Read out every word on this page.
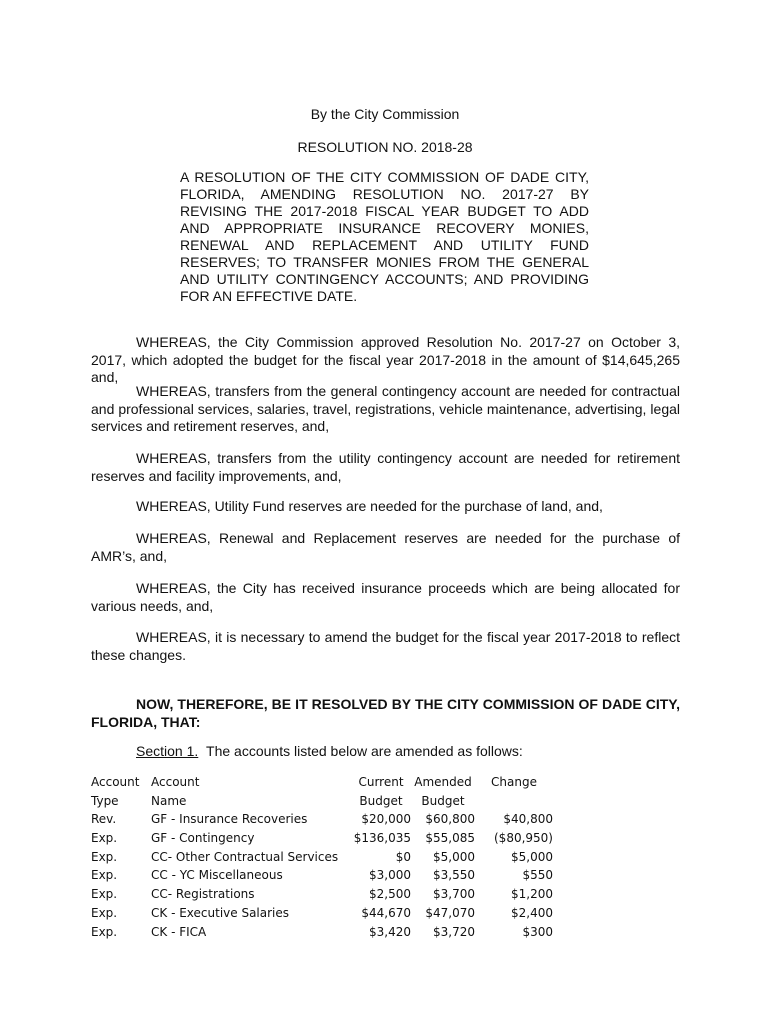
By the City Commission
RESOLUTION NO. 2018-28
A RESOLUTION OF THE CITY COMMISSION OF DADE CITY, FLORIDA, AMENDING RESOLUTION NO. 2017-27 BY REVISING THE 2017-2018 FISCAL YEAR BUDGET TO ADD AND APPROPRIATE INSURANCE RECOVERY MONIES, RENEWAL AND REPLACEMENT AND UTILITY FUND RESERVES; TO TRANSFER MONIES FROM THE GENERAL AND UTILITY CONTINGENCY ACCOUNTS; AND PROVIDING FOR AN EFFECTIVE DATE.
WHEREAS, the City Commission approved Resolution No. 2017-27 on October 3, 2017, which adopted the budget for the fiscal year 2017-2018 in the amount of $14,645,265 and,
WHEREAS, transfers from the general contingency account are needed for contractual and professional services, salaries, travel, registrations, vehicle maintenance, advertising, legal services and retirement reserves, and,
WHEREAS, transfers from the utility contingency account are needed for retirement reserves and facility improvements, and,
WHEREAS, Utility Fund reserves are needed for the purchase of land, and,
WHEREAS, Renewal and Replacement reserves are needed for the purchase of AMR’s, and,
WHEREAS, the City has received insurance proceeds which are being allocated for various needs, and,
WHEREAS, it is necessary to amend the budget for the fiscal year 2017-2018 to reflect these changes.
NOW, THEREFORE, BE IT RESOLVED BY THE CITY COMMISSION OF DADE CITY, FLORIDA, THAT:
Section 1. The accounts listed below are amended as follows:
Account	Account	Current	Amended	Change
Type	Name	Budget	Budget	
Rev.	GF - Insurance Recoveries	$20,000	$60,800	$40,800
Exp.	GF - Contingency	$136,035	$55,085	($80,950)
Exp.	CC- Other Contractual Services	$0	$5,000	$5,000
Exp.	CC - YC Miscellaneous	$3,000	$3,550	$550
Exp.	CC- Registrations	$2,500	$3,700	$1,200
Exp.	CK - Executive Salaries	$44,670	$47,070	$2,400
Exp.	CK - FICA	$3,420	$3,720	$300
